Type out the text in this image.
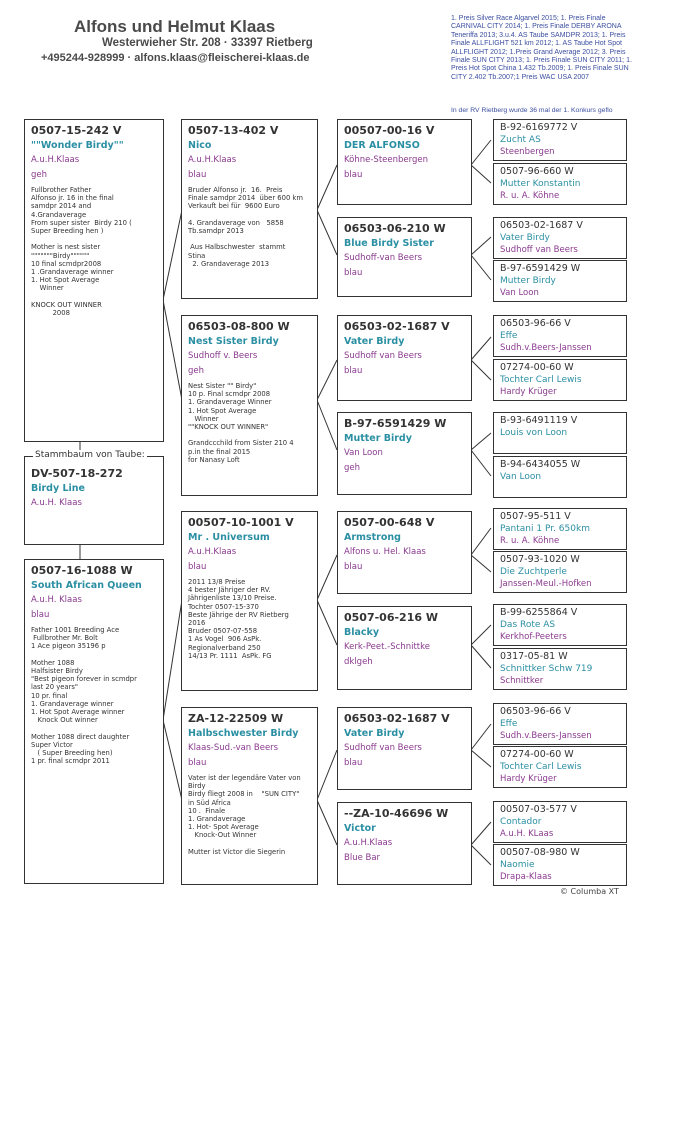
Alfons und Helmut Klaas
Westerwieher Str. 208 · 33397 Rietberg
+495244-928999 · alfons.klaas@fleischerei-klaas.de
1. Preis Silver Race Algarvel 2015; 1. Preis Finale CARNIVAL CITY 2014; 1. Preis Finale DERBY ARONA Teneriffa 2013; 3.u.4. AS Taube SAMDPR 2013; 1. Preis Finale ALLFLIGHT 521 km 2012; 1. AS Taube Hot Spot ALLFLIGHT 2012; 1.Preis Grand Average 2012; 3. Preis Finale SUN CITY 2013; 1. Preis Finale SUN CITY 2011; 1. Preis Hot Spot China 1.432 Tb.2009; 1. Preis Finale SUN CITY 2.402 Tb.2007;1 Preis WAC USA 2007
In der RV Rietberg wurde 36 mal der 1. Konkurs geflo
0507-15-242 V
""Wonder Birdy""
A.u.H.Klaas
geh
Fullbrother Father
Alfonso jr. 16 in the final
samdpr 2014 and
4.Grandaverage
From super sister  Birdy 210 (
Super Breeding hen )

Mother is nest sister
"""""""Birdy""""""
10 final scmdpr2008
1 .Grandaverage winner
1. Hot Spot Average
Winner

KNOCK OUT WINNER
2008
DV-507-18-272
Birdy Line
A.u.H. Klaas
Stammbaum von Taube:
0507-16-1088 W
South African Queen
A.u.H. Klaas
blau
Father 1001 Breeding Ace
Fullbrother Mr. Bolt
1 Ace pigeon 35196 p

Mother 1088
Halfsister Birdy
"Best pigeon forever in scmdpr
last 20 years"
10 pr. final
1. Grandaverage winner
1. Hot Spot Average winner
Knock Out winner

Mother 1088 direct daughter
Super Victor
( Super Breeding hen)
1 pr. final scmdpr 2011
0507-13-402 V
Nico
A.u.H.Klaas
blau
Bruder Alfonso jr.  16.  Preis
Finale samdpr 2014  über 600 km
Verkauft bei für  9600 Euro

4. Grandaverage von   5858
Tb.samdpr 2013

Aus Halbschwester  stammt
Stina
2. Grandaverage 2013
06503-08-800 W
Nest Sister Birdy
Sudhoff v. Beers
geh
Nest Sister "" Birdy"
10 p. Final scmdpr 2008
1. Grandaverage Winner
1. Hot Spot Average
Winner
""KNOCK OUT WINNER"

Grandccchild from Sister 210 4
p.in the final 2015
for Nanasy Loft
00507-10-1001 V
Mr . Universum
A.u.H.Klaas
blau
2011 13/8 Preise
4 bester Jähriger der RV.
Jährigenliste 13/10 Preise.
Tochter 0507-15-370
Beste Jährige der RV Rietberg
2016
Bruder 0507-07-558
1 As Vogel  906 AsPk.
Regionalverband 250
14/13 Pr. 1111  AsPk. FG
ZA-12-22509 W
Halbschwester Birdy
Klaas-Sud.-van Beers
blau
Vater ist der legendäre Vater von
Birdy
Birdy fliegt 2008 in    "SUN CITY"
in Süd Africa
10 .  Finale
1. Grandaverage
1. Hot- Spot Average
Knock-Out Winner

Mutter ist Victor die Siegerin
00507-00-16 V
DER ALFONSO
Köhne-Steenbergen
blau
06503-06-210 W
Blue Birdy Sister
Sudhoff-van Beers
blau
06503-02-1687 V
Vater Birdy
Sudhoff van Beers
blau
B-97-6591429 W
Mutter Birdy
Van Loon
geh
0507-00-648 V
Armstrong
Alfons u. Hel. Klaas
blau
0507-06-216 W
Blacky
Kerk-Peet.-Schnittke
dklgeh
06503-02-1687 V
Vater Birdy
Sudhoff van Beers
blau
--ZA-10-46696 W
Victor
A.u.H.Klaas
Blue Bar
B-92-6169772 V
Zucht AS
Steenbergen
0507-96-660 W
Mutter Konstantin
R. u. A. Köhne
06503-02-1687 V
Vater Birdy
Sudhoff van Beers
B-97-6591429 W
Mutter Birdy
Van Loon
06503-96-66 V
Effe
Sudh.v.Beers-Janssen
07274-00-60 W
Tochter Carl Lewis
Hardy Krüger
B-93-6491119 V
Louis von Loon

B-94-6434055 W
Van Loon

0507-95-511 V
Pantani 1 Pr. 650km
R. u. A. Köhne
0507-93-1020 W
Die Zuchtperle
Janssen-Meul.-Hofken
B-99-6255864 V
Das Rote AS
Kerkhof-Peeters
0317-05-81 W
Schnittker Schw 719
Schnittker
06503-96-66 V
Effe
Sudh.v.Beers-Janssen
07274-00-60 W
Tochter Carl Lewis
Hardy Krüger
00507-03-577 V
Contador
A.u.H. KLaas
00507-08-980 W
Naomie
Drapa-Klaas
© Columba XT
